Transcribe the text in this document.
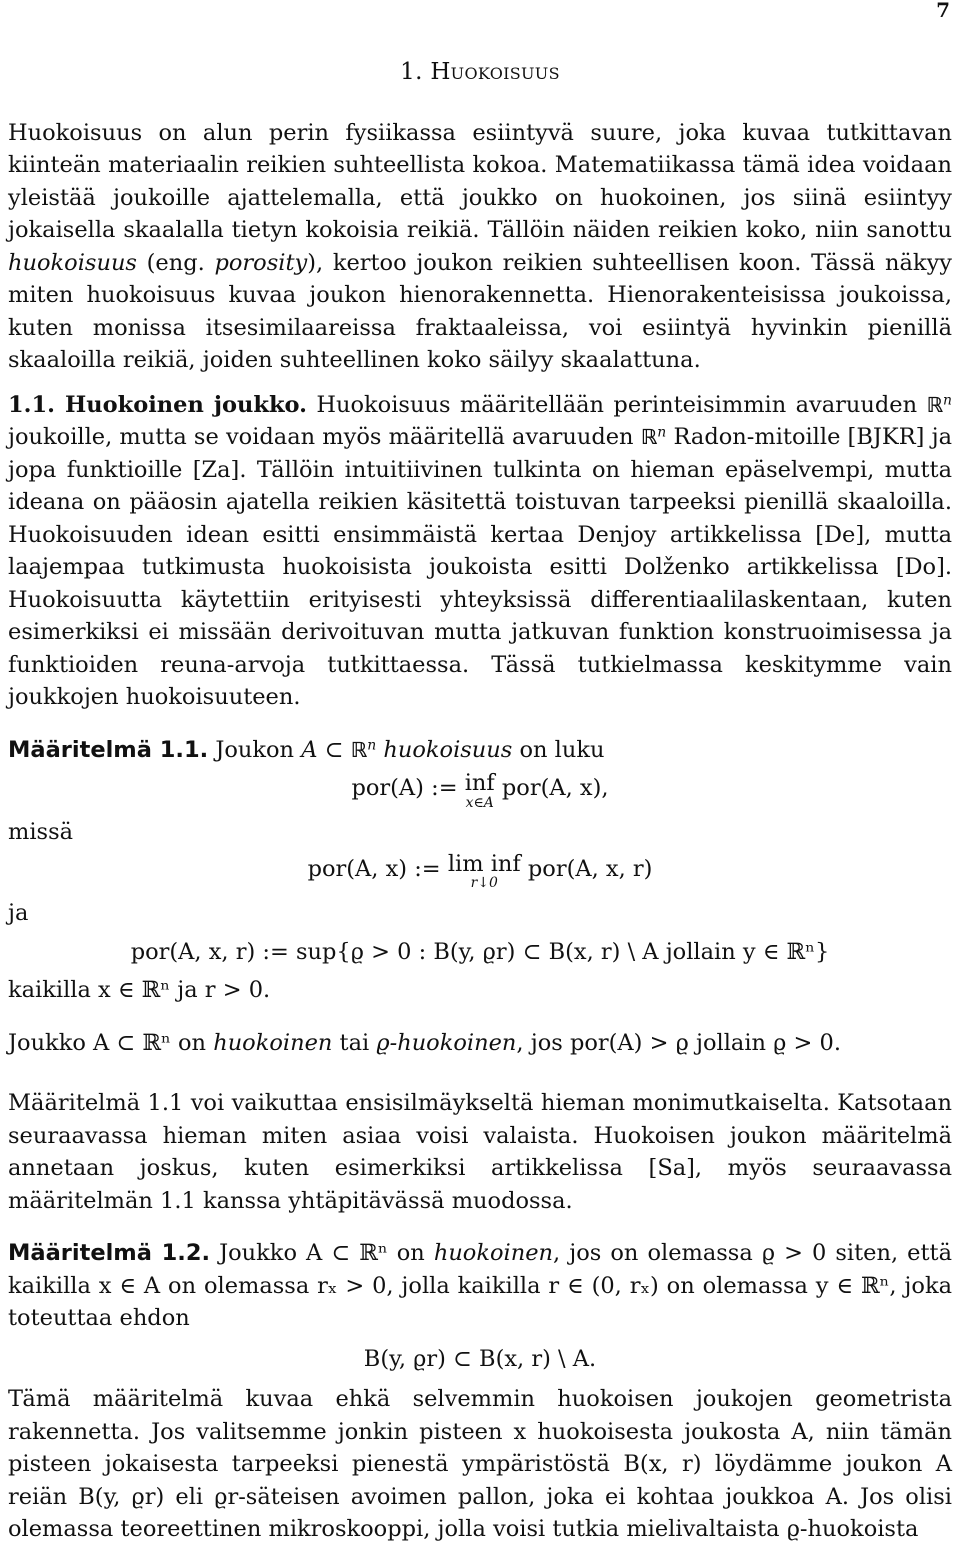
7
1. Huokoisuus

Huokoisuus on alun perin fysiikassa esiintyvä suure, joka kuvaa tutkittavan kiinteän materiaalin reikien suhteellista kokoa. Matematiikassa tämä idea voidaan yleistää joukoille ajattelemalla, että joukko on huokoinen, jos siinä esiintyy jokaisella skaalalla tietyn kokoisia reikiä. Tällöin näiden reikien koko, niin sanottu huokoisuus (eng. porosity), kertoo joukon reikien suhteellisen koon. Tässä näkyy miten huokoisuus kuvaa joukon hienorakennetta. Hienorakenteisissa joukoissa, kuten monissa itsesimilaareissa fraktaaleissa, voi esiintyä hyvinkin pienillä skaaloilla reikiä, joiden suhteellinen koko säilyy skaalattuna.

1.1. Huokoinen joukko. Huokoisuus määritellään perinteisimmin avaruuden ℝ$^n$ joukoille, mutta se voidaan myös määritellä avaruuden ℝ$^n$ Radon-mitoille [BJKR] ja jopa funktioille [Za]. Tällöin intuitiivinen tulkinta on hieman epäselvempi, mutta ideana on pääosin ajatella reikien käsitettä toistuvan tarpeeksi pienillä skaaloilla. Huokoisuuden idean esitti ensimmäistä kertaa Denjoy artikkelissa [De], mutta laajempaa tutkimusta huokoisista joukoista esitti Dolženko artikkelissa [Do]. Huokoisuutta käytettiin erityisesti yhteyksissä differentiaalilaskentaan, kuten esimerkiksi ei missään derivoituvan mutta jatkuvan funktion konstruoimisessa ja funktioiden reuna-arvoja tutkittaessa. Tässä tutkielmassa keskitymme vain joukkojen huokoisuuteen.

Määritelmä 1.1. Joukon A ⊂ ℝ$^n$ huokoisuus on luku

por(A) := inf
x∈A
por(A, x),

missä

por(A, x) := lim inf
r↓0
por(A, x, r)

ja

por(A, x, r) := sup{ϱ > 0 : B(y, ϱr) ⊂ B(x, r) \ A jollain y ∈ ℝⁿ}

kaikilla x ∈ ℝⁿ ja r > 0.

Joukko A ⊂ ℝⁿ on huokoinen tai ϱ-huokoinen, jos por(A) > ϱ jollain ϱ > 0.

Määritelmä 1.1 voi vaikuttaa ensisilmäykseltä hieman monimutkaiselta. Katsotaan seuraavassa hieman miten asiaa voisi valaista. Huokoisen joukon määritelmä annetaan joskus, kuten esimerkiksi artikkelissa [Sa], myös seuraavassa määritelmän 1.1 kanssa yhtäpitävässä muodossa.

Määritelmä 1.2. Joukko A ⊂ ℝⁿ on huokoinen, jos on olemassa ϱ > 0 siten, että kaikilla x ∈ A on olemassa rₓ > 0, jolla kaikilla r ∈ (0, rₓ) on olemassa y ∈ ℝⁿ, joka toteuttaa ehdon

B(y, ϱr) ⊂ B(x, r) \ A.

Tämä määritelmä kuvaa ehkä selvemmin huokoisen joukojen geometrista rakennetta. Jos valitsemme jonkin pisteen x huokoisesta joukosta A, niin tämän pisteen jokaisesta tarpeeksi pienestä ympäristöstä B(x, r) löydämme joukon A reiän B(y, ϱr) eli ϱr-säteisen avoimen pallon, joka ei kohtaa joukkoa A. Jos olisi olemassa teoreettinen mikroskooppi, jolla voisi tutkia mielivaltaista ϱ-huokoista
